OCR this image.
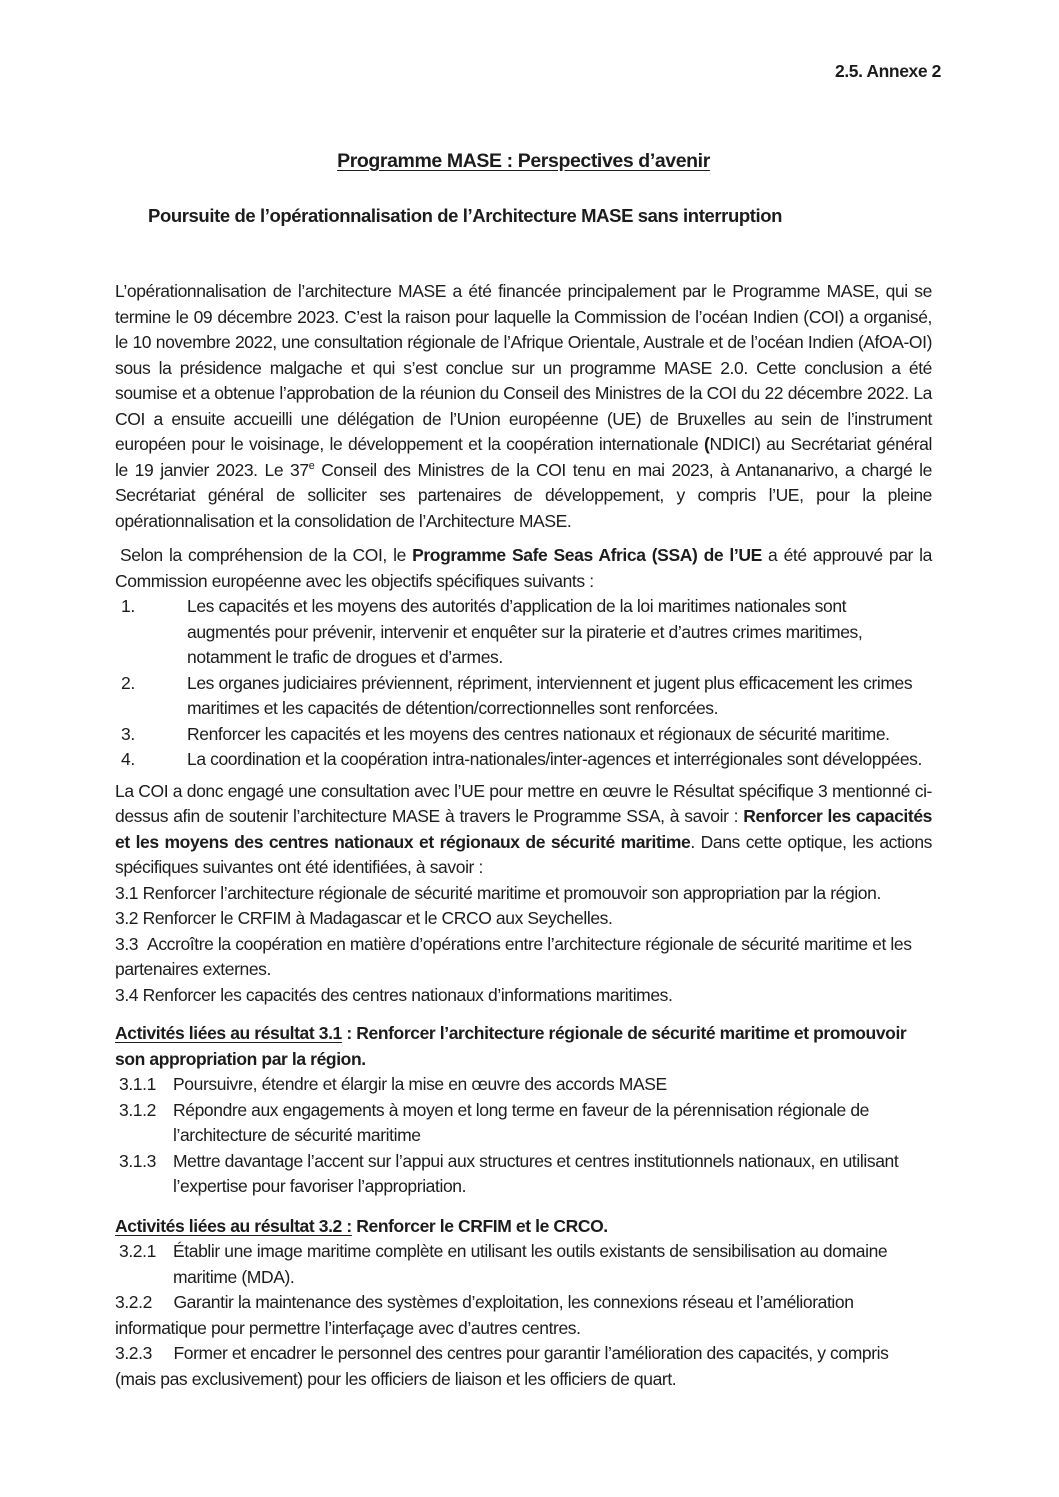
2.5. Annexe 2
Programme MASE : Perspectives d’avenir
Poursuite de l’opérationnalisation de l’Architecture MASE sans interruption

L’opérationnalisation de l’architecture MASE a été financée principalement par le Programme MASE, qui se termine le 09 décembre 2023. C’est la raison pour laquelle la Commission de l’océan Indien (COI) a organisé, le 10 novembre 2022, une consultation régionale de l’Afrique Orientale, Australe et de l’océan Indien (AfOA-OI) sous la présidence malgache et qui s’est conclue sur un programme MASE 2.0. Cette conclusion a été soumise et a obtenue l’approbation de la réunion du Conseil des Ministres de la COI du 22 décembre 2022. La COI a ensuite accueilli une délégation de l’Union européenne (UE) de Bruxelles au sein de l’instrument européen pour le voisinage, le développement et la coopération internationale (NDICI) au Secrétariat général le 19 janvier 2023. Le 37e Conseil des Ministres de la COI tenu en mai 2023, à Antananarivo, a chargé le Secrétariat général de solliciter ses partenaires de développement, y compris l’UE, pour la pleine opérationnalisation et la consolidation de l’Architecture MASE.

Selon la compréhension de la COI, le Programme Safe Seas Africa (SSA) de l’UE a été approuvé par la Commission européenne avec les objectifs spécifiques suivants :

1.	Les capacités et les moyens des autorités d’application de la loi maritimes nationales sont augmentés pour prévenir, intervenir et enquêter sur la piraterie et d’autres crimes maritimes, notamment le trafic de drogues et d’armes.
2.	Les organes judiciaires préviennent, répriment, interviennent et jugent plus efficacement les crimes maritimes et les capacités de détention/correctionnelles sont renforcées.
3.	Renforcer les capacités et les moyens des centres nationaux et régionaux de sécurité maritime.
4.	La coordination et la coopération intra-nationales/inter-agences et interrégionales sont développées.

La COI a donc engagé une consultation avec l’UE pour mettre en œuvre le Résultat spécifique 3 mentionné ci-dessus afin de soutenir l’architecture MASE à travers le Programme SSA, à savoir : Renforcer les capacités et les moyens des centres nationaux et régionaux de sécurité maritime. Dans cette optique, les actions spécifiques suivantes ont été identifiées, à savoir :

3.1 Renforcer l’architecture régionale de sécurité maritime et promouvoir son appropriation par la région.

3.2 Renforcer le CRFIM à Madagascar et le CRCO aux Seychelles.

3.3  Accroître la coopération en matière d’opérations entre l’architecture régionale de sécurité maritime et les partenaires externes.

3.4 Renforcer les capacités des centres nationaux d’informations maritimes.

Activités liées au résultat 3.1 : Renforcer l’architecture régionale de sécurité maritime et promouvoir son appropriation par la région.

3.1.1 Poursuivre, étendre et élargir la mise en œuvre des accords MASE
3.1.2 Répondre aux engagements à moyen et long terme en faveur de la pérennisation régionale de l’architecture de sécurité maritime
3.1.3 Mettre davantage l’accent sur l’appui aux structures et centres institutionnels nationaux, en utilisant l’expertise pour favoriser l’appropriation.

Activités liées au résultat 3.2 : Renforcer le CRFIM et le CRCO.

3.2.1 Établir une image maritime complète en utilisant les outils existants de sensibilisation au domaine maritime (MDA).
3.2.2 Garantir la maintenance des systèmes d’exploitation, les connexions réseau et l’amélioration informatique pour permettre l’interfaçage avec d’autres centres.
3.2.3 Former et encadrer le personnel des centres pour garantir l’amélioration des capacités, y compris (mais pas exclusivement) pour les officiers de liaison et les officiers de quart.
